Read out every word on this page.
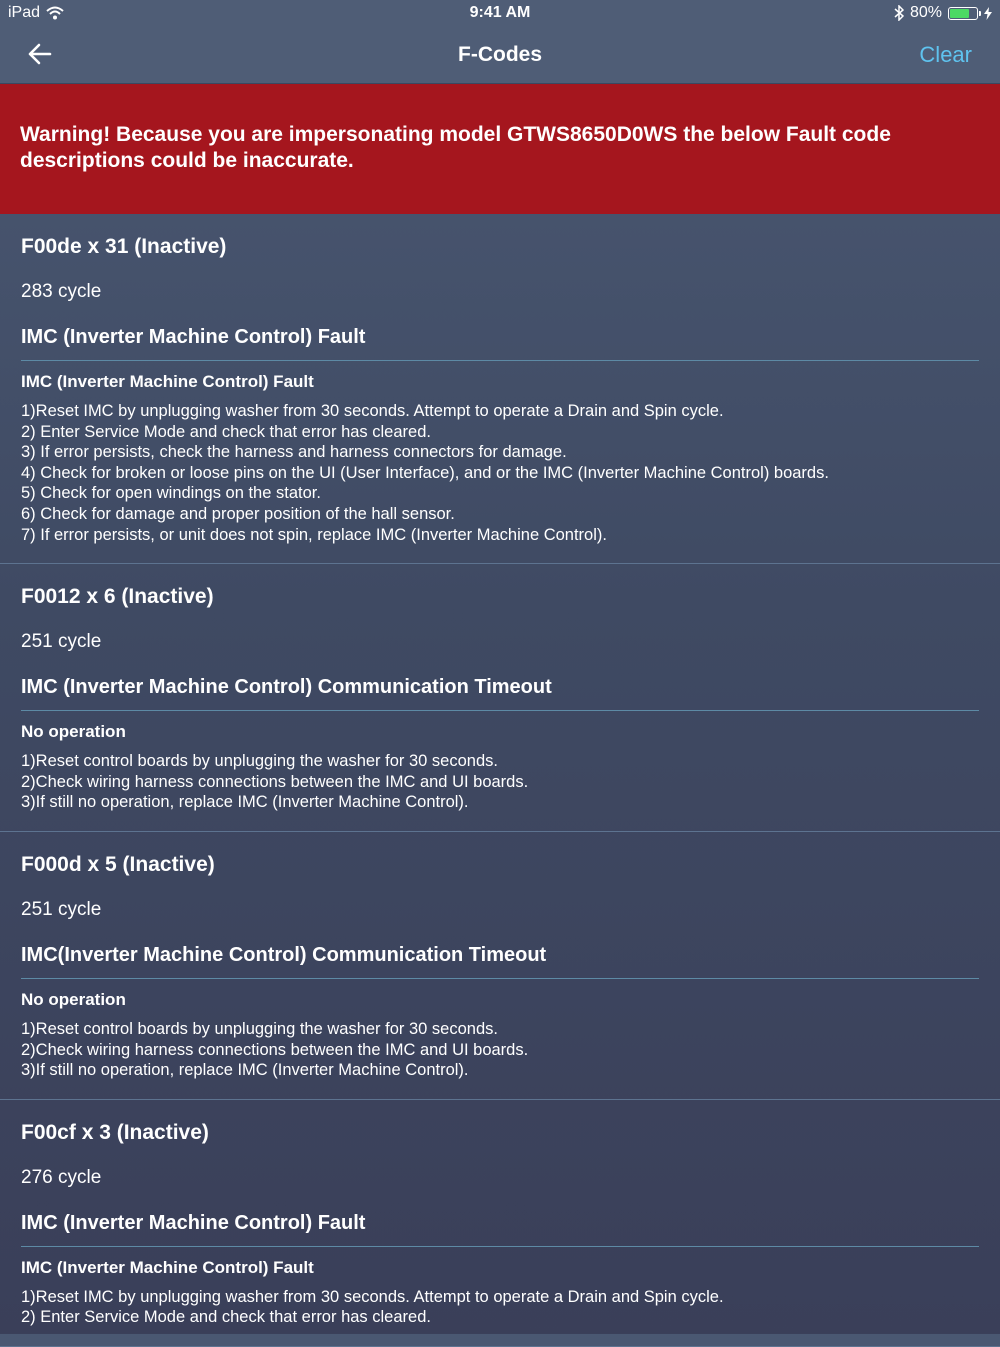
iPad	9:41 AM	80%
F-Codes	Clear
Warning! Because you are impersonating model GTWS8650D0WS the below Fault code descriptions could be inaccurate.
F00de x 31 (Inactive)
283 cycle
IMC (Inverter Machine Control) Fault
IMC (Inverter Machine Control) Fault
1)Reset IMC by unplugging washer from 30 seconds. Attempt to operate a Drain and Spin cycle.
2) Enter Service Mode and check that error has cleared.
3) If error persists, check the harness and harness connectors for damage.
4) Check for broken or loose pins on the UI (User Interface), and or the IMC (Inverter Machine Control) boards.
5) Check for open windings on the stator.
6) Check for damage and proper position of the hall sensor.
7) If error persists, or unit does not spin, replace IMC (Inverter Machine Control).
F0012 x 6 (Inactive)
251 cycle
IMC (Inverter Machine Control) Communication Timeout
No operation
1)Reset control boards by unplugging the washer for 30 seconds.
2)Check wiring harness connections between the IMC and UI boards.
3)If still no operation, replace IMC (Inverter Machine Control).
F000d x 5 (Inactive)
251 cycle
IMC(Inverter Machine Control) Communication Timeout
No operation
1)Reset control boards by unplugging the washer for 30 seconds.
2)Check wiring harness connections between the IMC and UI boards.
3)If still no operation, replace IMC (Inverter Machine Control).
F00cf x 3 (Inactive)
276 cycle
IMC (Inverter Machine Control) Fault
IMC (Inverter Machine Control) Fault
1)Reset IMC by unplugging washer from 30 seconds. Attempt to operate a Drain and Spin cycle.
2) Enter Service Mode and check that error has cleared.
